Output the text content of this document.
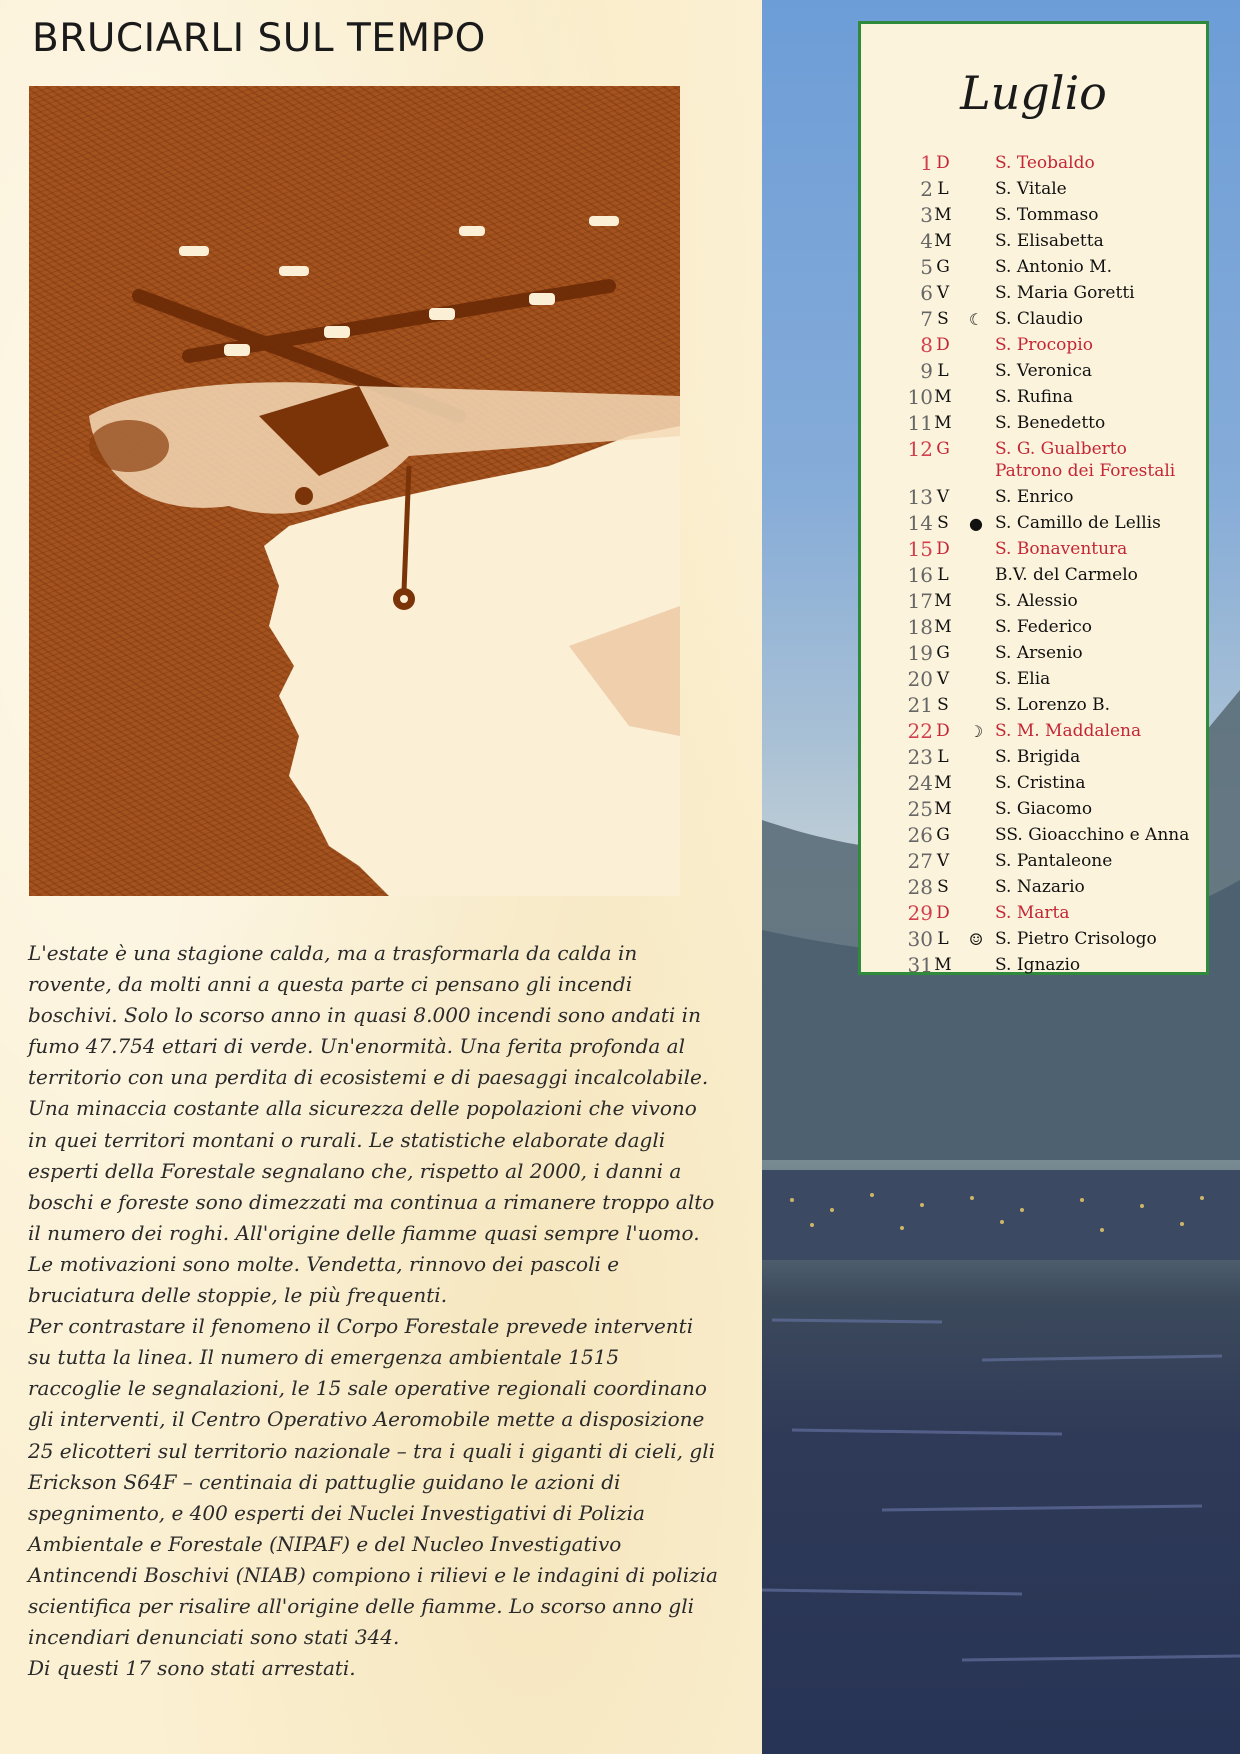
BRUCIARLI SUL TEMPO

L'estate è una stagione calda, ma a trasformarla da calda in rovente, da molti anni a questa parte ci pensano gli incendi boschivi. Solo lo scorso anno in quasi 8.000 incendi sono andati in fumo 47.754 ettari di verde. Un'enormità. Una ferita profonda al territorio con una perdita di ecosistemi e di paesaggi incalcolabile. Una minaccia costante alla sicurezza delle popolazioni che vivono in quei territori montani o rurali. Le statistiche elaborate dagli esperti della Forestale segnalano che, rispetto al 2000, i danni a boschi e foreste sono dimezzati ma continua a rimanere troppo alto il numero dei roghi. All'origine delle fiamme quasi sempre l'uomo. Le motivazioni sono molte. Vendetta, rinnovo dei pascoli e bruciatura delle stoppie, le più frequenti.

Per contrastare il fenomeno il Corpo Forestale prevede interventi su tutta la linea. Il numero di emergenza ambientale 1515 raccoglie le segnalazioni, le 15 sale operative regionali coordinano gli interventi, il Centro Operativo Aeromobile mette a disposizione 25 elicotteri sul territorio nazionale – tra i quali i giganti di cieli, gli Erickson S64F – centinaia di pattuglie guidano le azioni di spegnimento, e 400 esperti dei Nuclei Investigativi di Polizia Ambientale e Forestale (NIPAF) e del Nucleo Investigativo Antincendi Boschivi (NIAB) compiono i rilievi e le indagini di polizia scientifica per risalire all'origine delle fiamme. Lo scorso anno gli incendiari denunciati sono stati 344.

Di questi 17 sono stati arrestati.

Luglio
1 D	S. Teobaldo
2 L	S. Vitale
3 M	S. Tommaso
4 M	S. Elisabetta
5 G	S. Antonio M.
6 V	S. Maria Goretti
7 S	☾ S. Claudio
8 D	S. Procopio
9 L	S. Veronica
10 M	S. Rufina
11 M	S. Benedetto
12 G	S. G. Gualberto
Patrono dei Forestali
13 V	S. Enrico
14 S	● S. Camillo de Lellis
15 D	S. Bonaventura
16 L	B.V. del Carmelo
17 M	S. Alessio
18 M	S. Federico
19 G	S. Arsenio
20 V	S. Elia
21 S	S. Lorenzo B.
22 D	☽ S. M. Maddalena
23 L	S. Brigida
24 M	S. Cristina
25 M	S. Giacomo
26 G	SS. Gioacchino e Anna
27 V	S. Pantaleone
28 S	S. Nazario
29 D	S. Marta
30 L	☺ S. Pietro Crisologo
31 M	S. Ignazio
